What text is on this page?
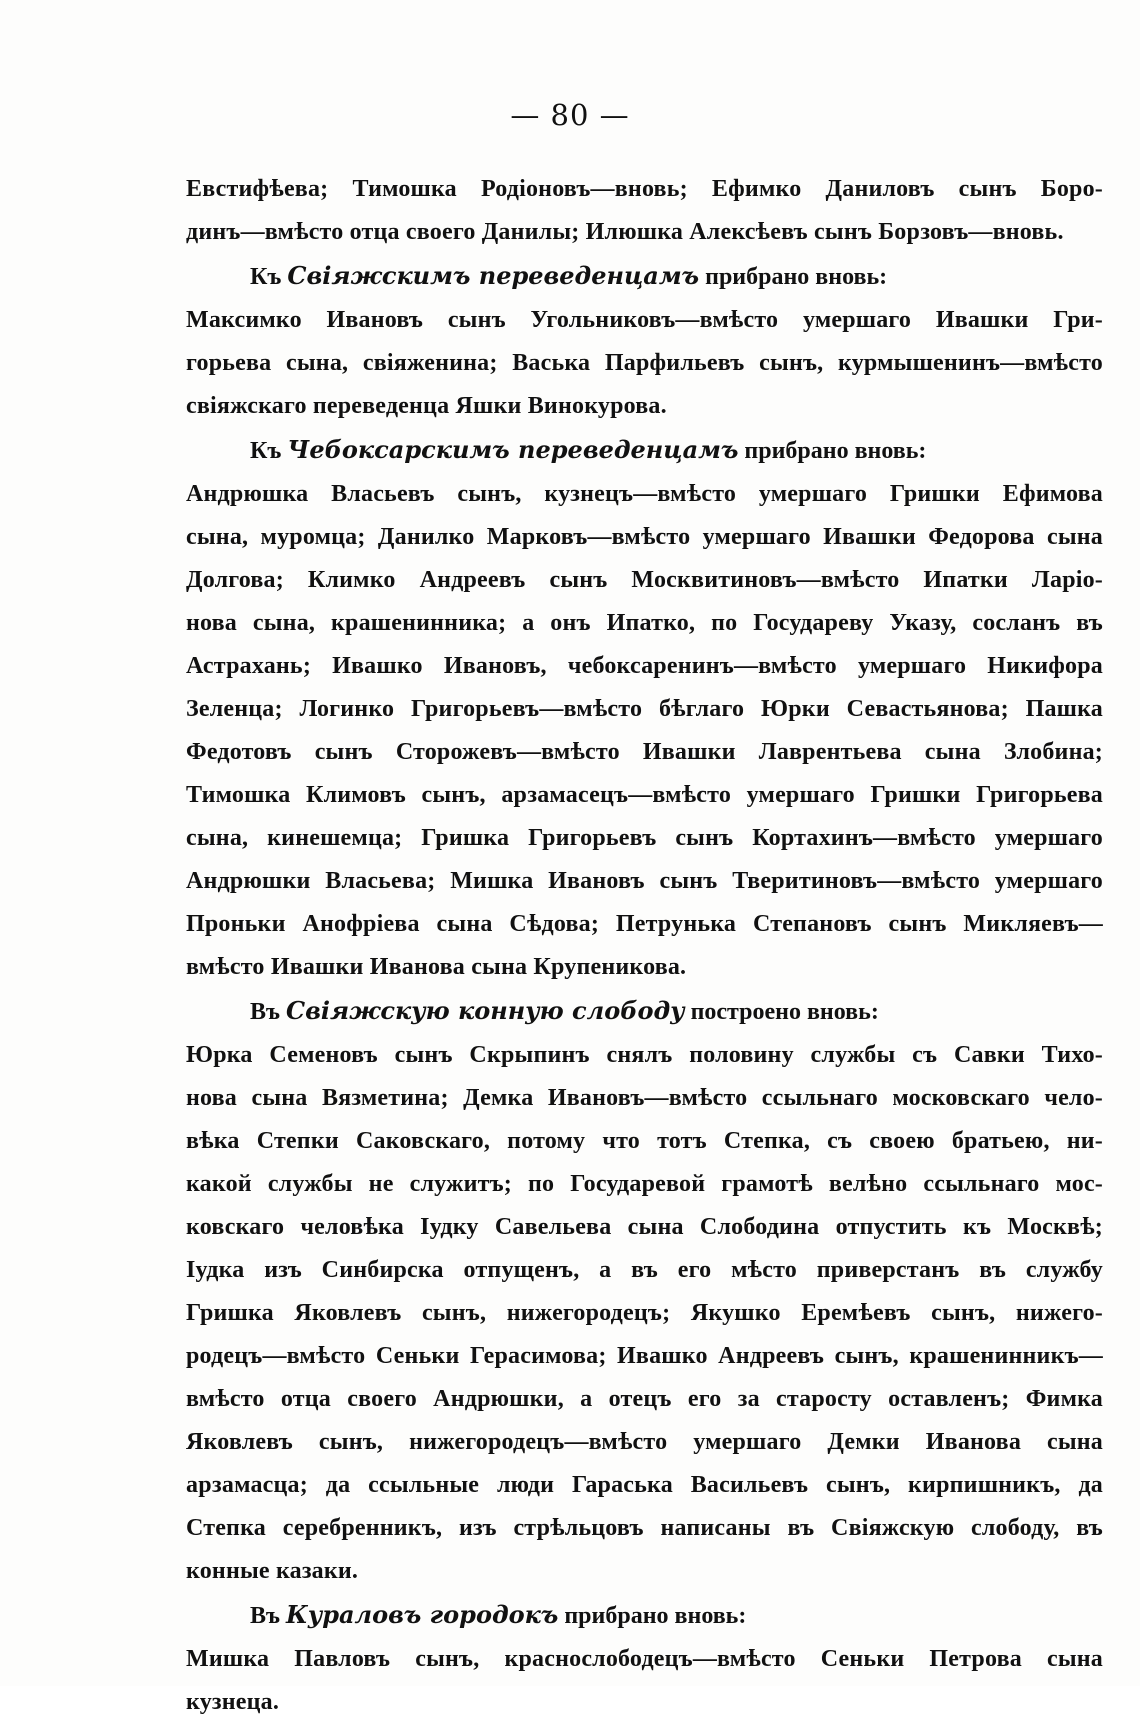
— 80 —
Евстифѣева; Тимошка Родіоновъ—вновь; Ефимко Даниловъ сынъ Боро-
динъ—вмѣсто отца своего Данилы; Илюшка Алексѣевъ сынъ Борзовъ—вновь.
Къ Свіяжскимъ переведенцамъ прибрано вновь:
Максимко Ивановъ сынъ Угольниковъ—вмѣсто умершаго Ивашки Гри-
горьева сына, свіяженина; Васька Парфильевъ сынъ, курмышенинъ—вмѣсто
свіяжскаго переведенца Яшки Винокурова.
Къ Чебоксарскимъ переведенцамъ прибрано вновь:
Андрюшка Власьевъ сынъ, кузнецъ—вмѣсто умершаго Гришки Ефимова
сына, муромца; Данилко Марковъ—вмѣсто умершаго Ивашки Федорова сына
Долгова; Климко Андреевъ сынъ Москвитиновъ—вмѣсто Ипатки Ларіо-
нова сына, крашенинника; а онъ Ипатко, по Государеву Указу, сосланъ въ
Астрахань; Ивашко Ивановъ, чебоксаренинъ—вмѣсто умершаго Никифора
Зеленца; Логинко Григорьевъ—вмѣсто бѣглаго Юрки Севастьянова; Пашка
Федотовъ сынъ Сторожевъ—вмѣсто Ивашки Лаврентьева сына Злобина;
Тимошка Климовъ сынъ, арзамасецъ—вмѣсто умершаго Гришки Григорьева
сына, кинешемца; Гришка Григорьевъ сынъ Кортахинъ—вмѣсто умершаго
Андрюшки Власьева; Мишка Ивановъ сынъ Тверитиновъ—вмѣсто умершаго
Проньки Анофріева сына Сѣдова; Петрунька Степановъ сынъ Микляевъ—
вмѣсто Ивашки Иванова сына Крупеникова.
Въ Свіяжскую конную слободу построено вновь:
Юрка Семеновъ сынъ Скрыпинъ снялъ половину службы съ Савки Тихо-
нова сына Вязметина; Демка Ивановъ—вмѣсто ссыльнаго московскаго чело-
вѣка Степки Саковскаго, потому что тотъ Степка, съ своею братьею, ни-
какой службы не служитъ; по Государевой грамотѣ велѣно ссыльнаго мос-
ковскаго человѣка Іудку Савельева сына Слободина отпустить къ Москвѣ;
Іудка изъ Синбирска отпущенъ, а въ его мѣсто приверстанъ въ службу
Гришка Яковлевъ сынъ, нижегородецъ; Якушко Еремѣевъ сынъ, нижего-
родецъ—вмѣсто Сеньки Герасимова; Ивашко Андреевъ сынъ, крашенинникъ—
вмѣсто отца своего Андрюшки, а отецъ его за старосту оставленъ; Фимка
Яковлевъ сынъ, нижегородецъ—вмѣсто умершаго Демки Иванова сына
арзамасца; да ссыльные люди Гараська Васильевъ сынъ, кирпишникъ, да
Степка серебренникъ, изъ стрѣльцовъ написаны въ Свіяжскую слободу, въ
конные казаки.
Въ Кураловъ городокъ прибрано вновь:
Мишка Павловъ сынъ, краснослободецъ—вмѣсто Сеньки Петрова сына
кузнеца.
